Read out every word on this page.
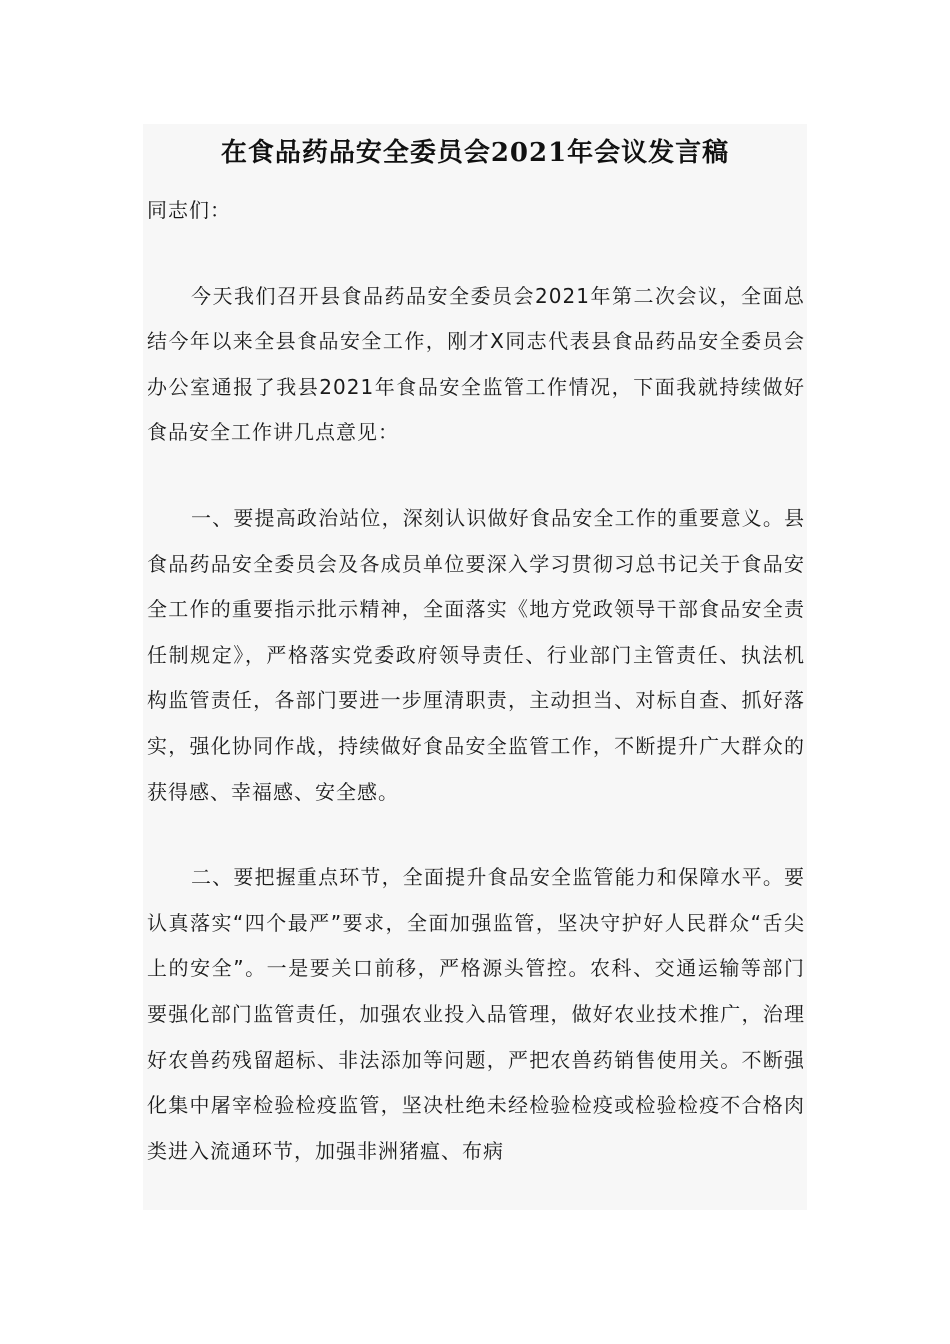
在食品药品安全委员会2021年会议发言稿

同志们：

今天我们召开县食品药品安全委员会2021年第二次会议，全面总结今年以来全县食品安全工作，刚才X同志代表县食品药品安全委员会办公室通报了我县2021年食品安全监管工作情况，下面我就持续做好食品安全工作讲几点意见：

一、要提高政治站位，深刻认识做好食品安全工作的重要意义。县食品药品安全委员会及各成员单位要深入学习贯彻习总书记关于食品安全工作的重要指示批示精神，全面落实《地方党政领导干部食品安全责任制规定》，严格落实党委政府领导责任、行业部门主管责任、执法机构监管责任，各部门要进一步厘清职责，主动担当、对标自查、抓好落实，强化协同作战，持续做好食品安全监管工作，不断提升广大群众的获得感、幸福感、安全感。

二、要把握重点环节，全面提升食品安全监管能力和保障水平。要认真落实“四个最严”要求，全面加强监管，坚决守护好人民群众“舌尖上的安全”。一是要关口前移，严格源头管控。农科、交通运输等部门要强化部门监管责任，加强农业投入品管理，做好农业技术推广，治理好农兽药残留超标、非法添加等问题，严把农兽药销售使用关。不断强化集中屠宰检验检疫监管，坚决杜绝未经检验检疫或检验检疫不合格肉类进入流通环节，加强非洲猪瘟、布病
